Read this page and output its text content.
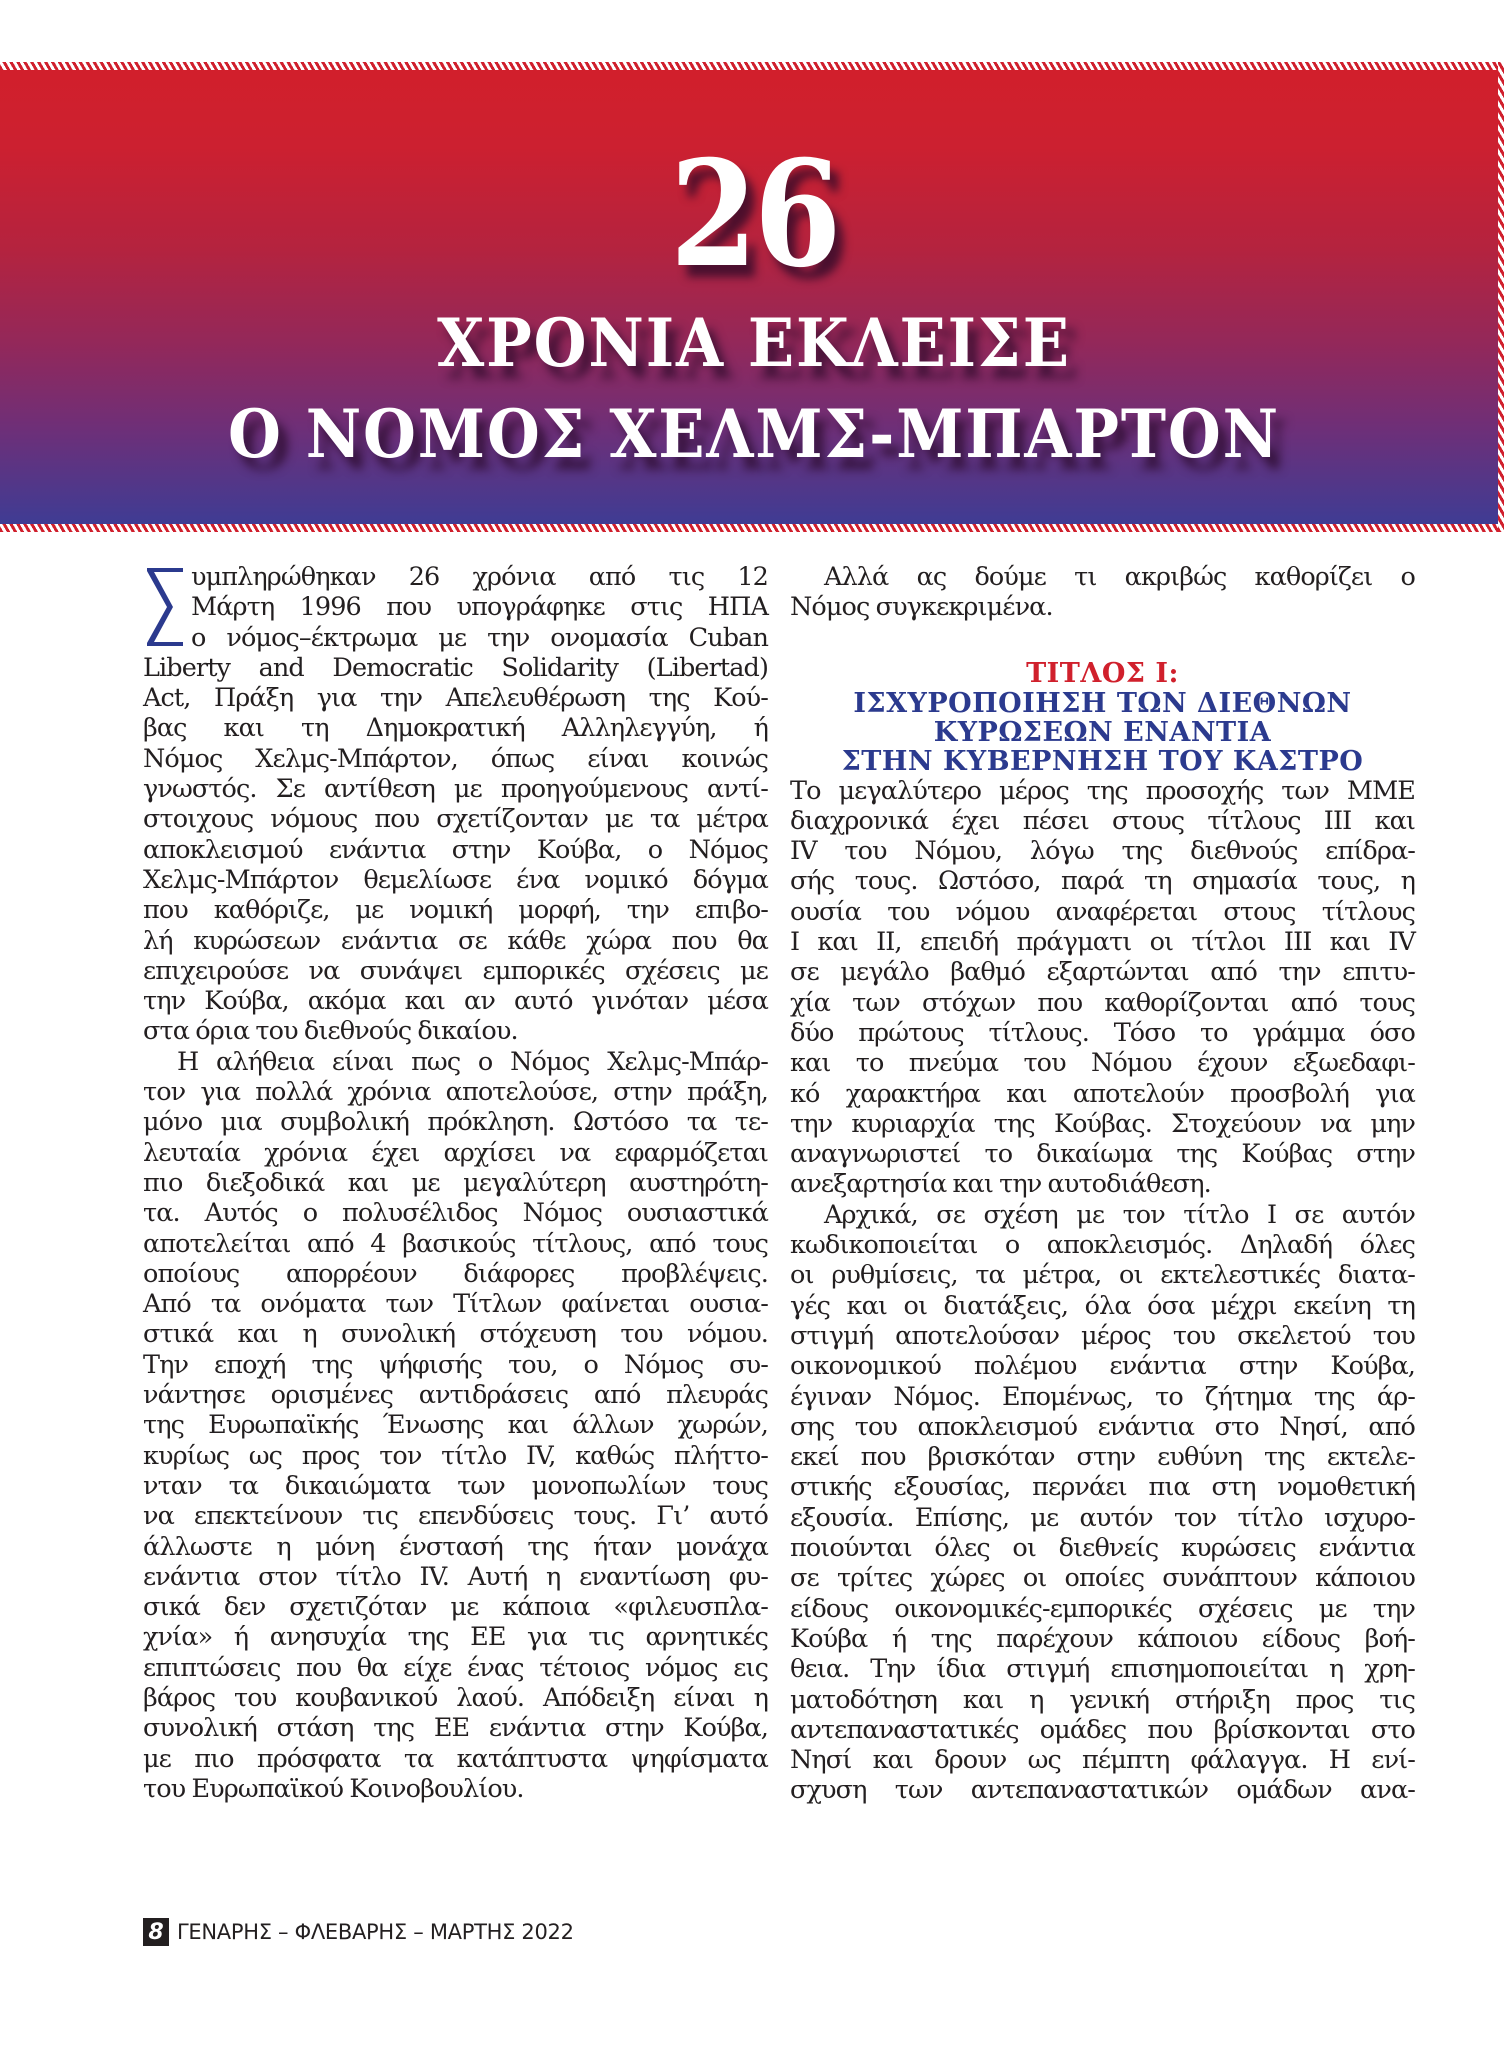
26
ΧΡΟΝΙΑ ΕΚΛΕΙΣΕ
Ο ΝΟΜΟΣ ΧΕΛΜΣ-ΜΠΑΡΤΟΝ
υμπληρώθηκαν 26 χρόνια από τις 12
Μάρτη 1996 που υπογράφηκε στις ΗΠΑ
ο νόμος–έκτρωμα με την ονομασία Cuban
Liberty and Democratic Solidarity (Libertad)
Act, Πράξη για την Απελευθέρωση της Κού-
βας και τη Δημοκρατική Αλληλεγγύη, ή
Νόμος Χελμς-Μπάρτον, όπως είναι κοινώς
γνωστός. Σε αντίθεση με προηγούμενους αντί-
στοιχους νόμους που σχετίζονταν με τα μέτρα
αποκλεισμού ενάντια στην Κούβα, ο Νόμος
Χελμς-Μπάρτον θεμελίωσε ένα νομικό δόγμα
που καθόριζε, με νομική μορφή, την επιβο-
λή κυρώσεων ενάντια σε κάθε χώρα που θα
επιχειρούσε να συνάψει εμπορικές σχέσεις με
την Κούβα, ακόμα και αν αυτό γινόταν μέσα
στα όρια του διεθνούς δικαίου.
Η αλήθεια είναι πως ο Νόμος Χελμς-Μπάρ-
τον για πολλά χρόνια αποτελούσε, στην πράξη,
μόνο μια συμβολική πρόκληση. Ωστόσο τα τε-
λευταία χρόνια έχει αρχίσει να εφαρμόζεται
πιο διεξοδικά και με μεγαλύτερη αυστηρότη-
τα. Αυτός ο πολυσέλιδος Νόμος ουσιαστικά
αποτελείται από 4 βασικούς τίτλους, από τους
οποίους απορρέουν διάφορες προβλέψεις.
Από τα ονόματα των Τίτλων φαίνεται ουσια-
στικά και η συνολική στόχευση του νόμου.
Την εποχή της ψήφισής του, ο Νόμος συ-
νάντησε ορισμένες αντιδράσεις από πλευράς
της Ευρωπαϊκής Ένωσης και άλλων χωρών,
κυρίως ως προς τον τίτλο IV, καθώς πλήττο-
νταν τα δικαιώματα των μονοπωλίων τους
να επεκτείνουν τις επενδύσεις τους. Γι’ αυτό
άλλωστε η μόνη ένστασή της ήταν μονάχα
ενάντια στον τίτλο IV. Αυτή η εναντίωση φυ-
σικά δεν σχετιζόταν με κάποια «φιλευσπλα-
χνία» ή ανησυχία της ΕΕ για τις αρνητικές
επιπτώσεις που θα είχε ένας τέτοιος νόμος εις
βάρος του κουβανικού λαού. Απόδειξη είναι η
συνολική στάση της ΕΕ ενάντια στην Κούβα,
με πιο πρόσφατα τα κατάπτυστα ψηφίσματα
του Ευρωπαϊκού Κοινοβουλίου.
Αλλά ας δούμε τι ακριβώς καθορίζει ο
Νόμος συγκεκριμένα.
ΤΙΤΛΟΣ Ι:
ΙΣΧΥΡΟΠΟΙΗΣΗ ΤΩΝ ΔΙΕΘΝΩΝ
ΚΥΡΩΣΕΩΝ ΕΝΑΝΤΙΑ
ΣΤΗΝ ΚΥΒΕΡΝΗΣΗ ΤΟΥ ΚΑΣΤΡΟ
Το μεγαλύτερο μέρος της προσοχής των ΜΜΕ
διαχρονικά έχει πέσει στους τίτλους III και
IV του Νόμου, λόγω της διεθνούς επίδρα-
σής τους. Ωστόσο, παρά τη σημασία τους, η
ουσία του νόμου αναφέρεται στους τίτλους
I και II, επειδή πράγματι οι τίτλοι III και IV
σε μεγάλο βαθμό εξαρτώνται από την επιτυ-
χία των στόχων που καθορίζονται από τους
δύο πρώτους τίτλους. Τόσο το γράμμα όσο
και το πνεύμα του Νόμου έχουν εξωεδαφι-
κό χαρακτήρα και αποτελούν προσβολή για
την κυριαρχία της Κούβας. Στοχεύουν να μην
αναγνωριστεί το δικαίωμα της Κούβας στην
ανεξαρτησία και την αυτοδιάθεση.
Αρχικά, σε σχέση με τον τίτλο I σε αυτόν
κωδικοποιείται ο αποκλεισμός. Δηλαδή όλες
οι ρυθμίσεις, τα μέτρα, οι εκτελεστικές διατα-
γές και οι διατάξεις, όλα όσα μέχρι εκείνη τη
στιγμή αποτελούσαν μέρος του σκελετού του
οικονομικού πολέμου ενάντια στην Κούβα,
έγιναν Νόμος. Επομένως, το ζήτημα της άρ-
σης του αποκλεισμού ενάντια στο Νησί, από
εκεί που βρισκόταν στην ευθύνη της εκτελε-
στικής εξουσίας, περνάει πια στη νομοθετική
εξουσία. Επίσης, με αυτόν τον τίτλο ισχυρο-
ποιούνται όλες οι διεθνείς κυρώσεις ενάντια
σε τρίτες χώρες οι οποίες συνάπτουν κάποιου
είδους οικονομικές-εμπορικές σχέσεις με την
Κούβα ή της παρέχουν κάποιου είδους βοή-
θεια. Την ίδια στιγμή επισημοποιείται η χρη-
ματοδότηση και η γενική στήριξη προς τις
αντεπαναστατικές ομάδες που βρίσκονται στο
Νησί και δρουν ως πέμπτη φάλαγγα. Η ενί-
σχυση των αντεπαναστατικών ομάδων ανα-
8 ΓΕΝΑΡΗΣ – ΦΛΕΒΑΡΗΣ – ΜΑΡΤΗΣ 2022
